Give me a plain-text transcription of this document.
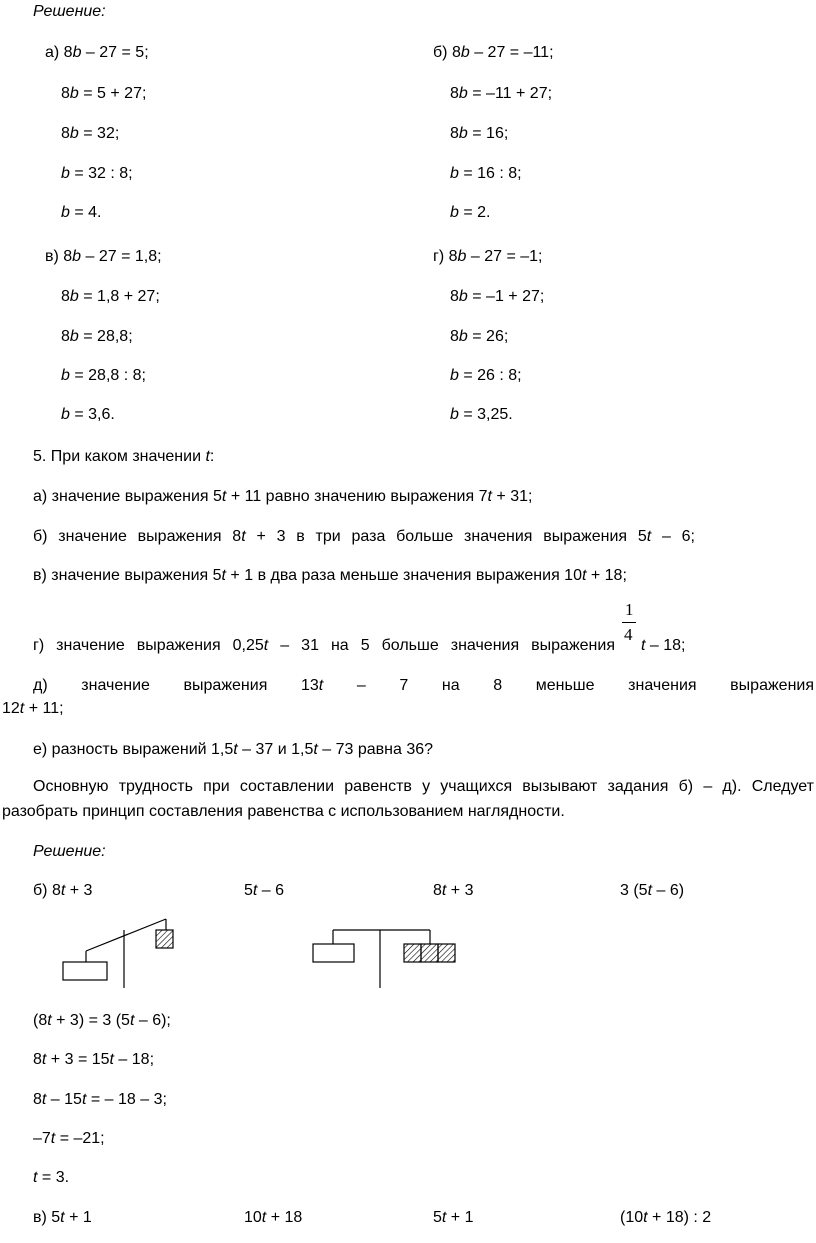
Решение:
а) 8b – 27 = 5;
8b = 5 + 27;
8b = 32;
b = 32 : 8;
b = 4.
б) 8b – 27 = –11;
8b = –11 + 27;
8b = 16;
b = 16 : 8;
b = 2.
в) 8b – 27 = 1,8;
8b = 1,8 + 27;
8b = 28,8;
b = 28,8 : 8;
b = 3,6.
г) 8b – 27 = –1;
8b = –1 + 27;
8b = 26;
b = 26 : 8;
b = 3,25.
5. При каком значении t:
а) значение выражения 5t + 11 равно значению выражения 7t + 31;
б) значение выражения 8t + 3 в три раза больше значения выражения 5t – 6;
в) значение выражения 5t + 1 в два раза меньше значения выражения 10t + 18;
г) значение выражения 0,25t – 31 на 5 больше значения выражения
1
4
t – 18;
д) значение выражения 13t – 7 на 8 меньше значения выражения
12t + 11;
е) разность выражений 1,5t – 37 и 1,5t – 73 равна 36?
Основную трудность при составлении равенств у учащихся вызывают задания б) – д). Следует
разобрать принцип составления равенства с использованием наглядности.
Решение:
б) 8t + 3	5t – 6	8t + 3	3 (5t – 6)
(8t + 3) = 3 (5t – 6);
8t + 3 = 15t – 18;
8t – 15t = – 18 – 3;
–7t = –21;
t = 3.
в) 5t + 1	10t + 18	5t + 1	(10t + 18) : 2
